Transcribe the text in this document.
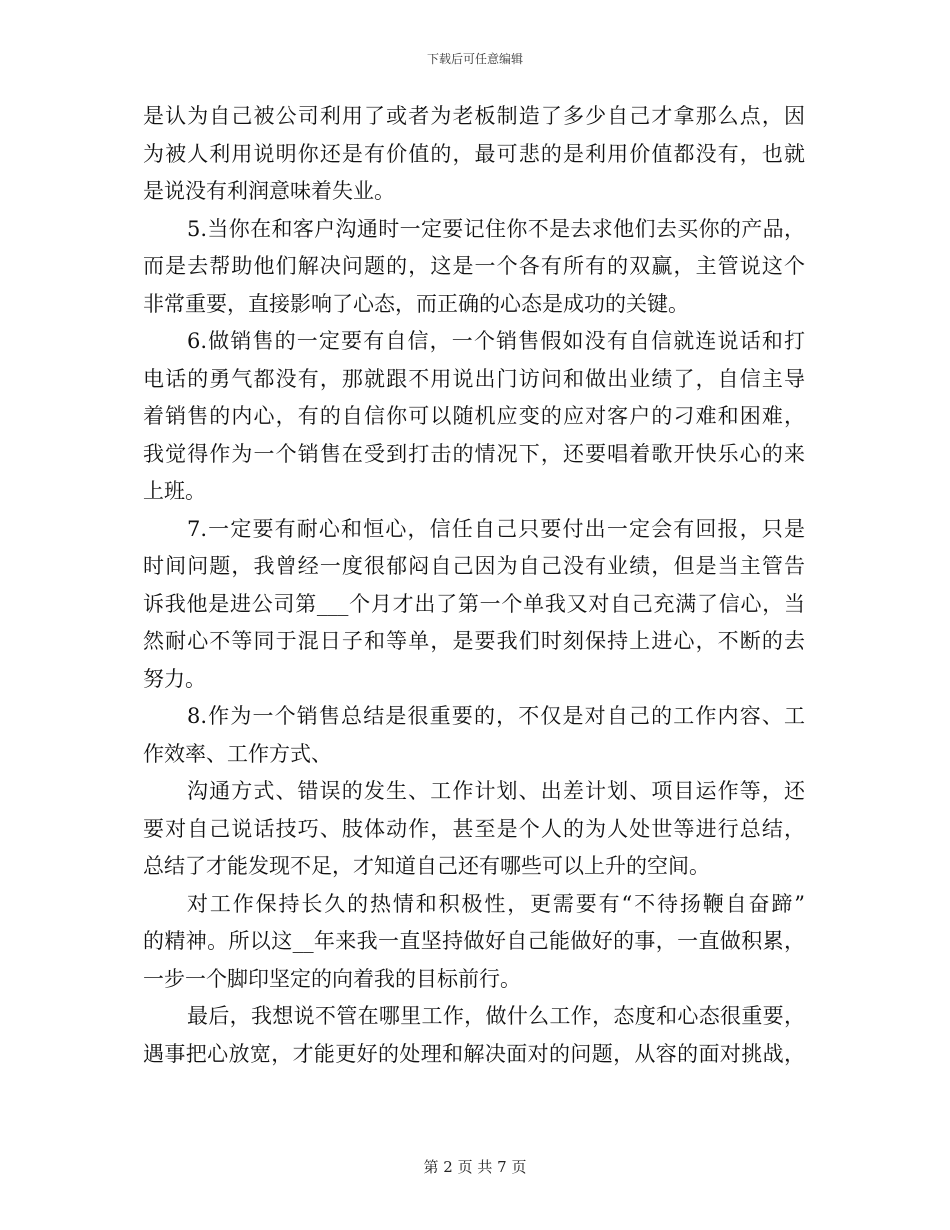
下载后可任意编辑
是认为自己被公司利用了或者为老板制造了多少自己才拿那么点，因
为被人利用说明你还是有价值的，最可悲的是利用价值都没有，也就
是说没有利润意味着失业。
5.当你在和客户沟通时一定要记住你不是去求他们去买你的产品，
而是去帮助他们解决问题的，这是一个各有所有的双赢，主管说这个
非常重要，直接影响了心态，而正确的心态是成功的关键。
6.做销售的一定要有自信，一个销售假如没有自信就连说话和打
电话的勇气都没有，那就跟不用说出门访问和做出业绩了，自信主导
着销售的内心，有的自信你可以随机应变的应对客户的刁难和困难，
我觉得作为一个销售在受到打击的情况下，还要唱着歌开快乐心的来
上班。
7.一定要有耐心和恒心，信任自己只要付出一定会有回报，只是
时间问题，我曾经一度很郁闷自己因为自己没有业绩，但是当主管告
诉我他是进公司第___个月才出了第一个单我又对自己充满了信心，当
然耐心不等同于混日子和等单，是要我们时刻保持上进心，不断的去
努力。
8.作为一个销售总结是很重要的，不仅是对自己的工作内容、工
作效率、工作方式、
沟通方式、错误的发生、工作计划、出差计划、项目运作等，还
要对自己说话技巧、肢体动作，甚至是个人的为人处世等进行总结，
总结了才能发现不足，才知道自己还有哪些可以上升的空间。
对工作保持长久的热情和积极性，更需要有“不待扬鞭自奋蹄”
的精神。所以这__年来我一直坚持做好自己能做好的事，一直做积累，
一步一个脚印坚定的向着我的目标前行。
最后，我想说不管在哪里工作，做什么工作，态度和心态很重要，
遇事把心放宽，才能更好的处理和解决面对的问题，从容的面对挑战，
第 2 页 共 7 页
